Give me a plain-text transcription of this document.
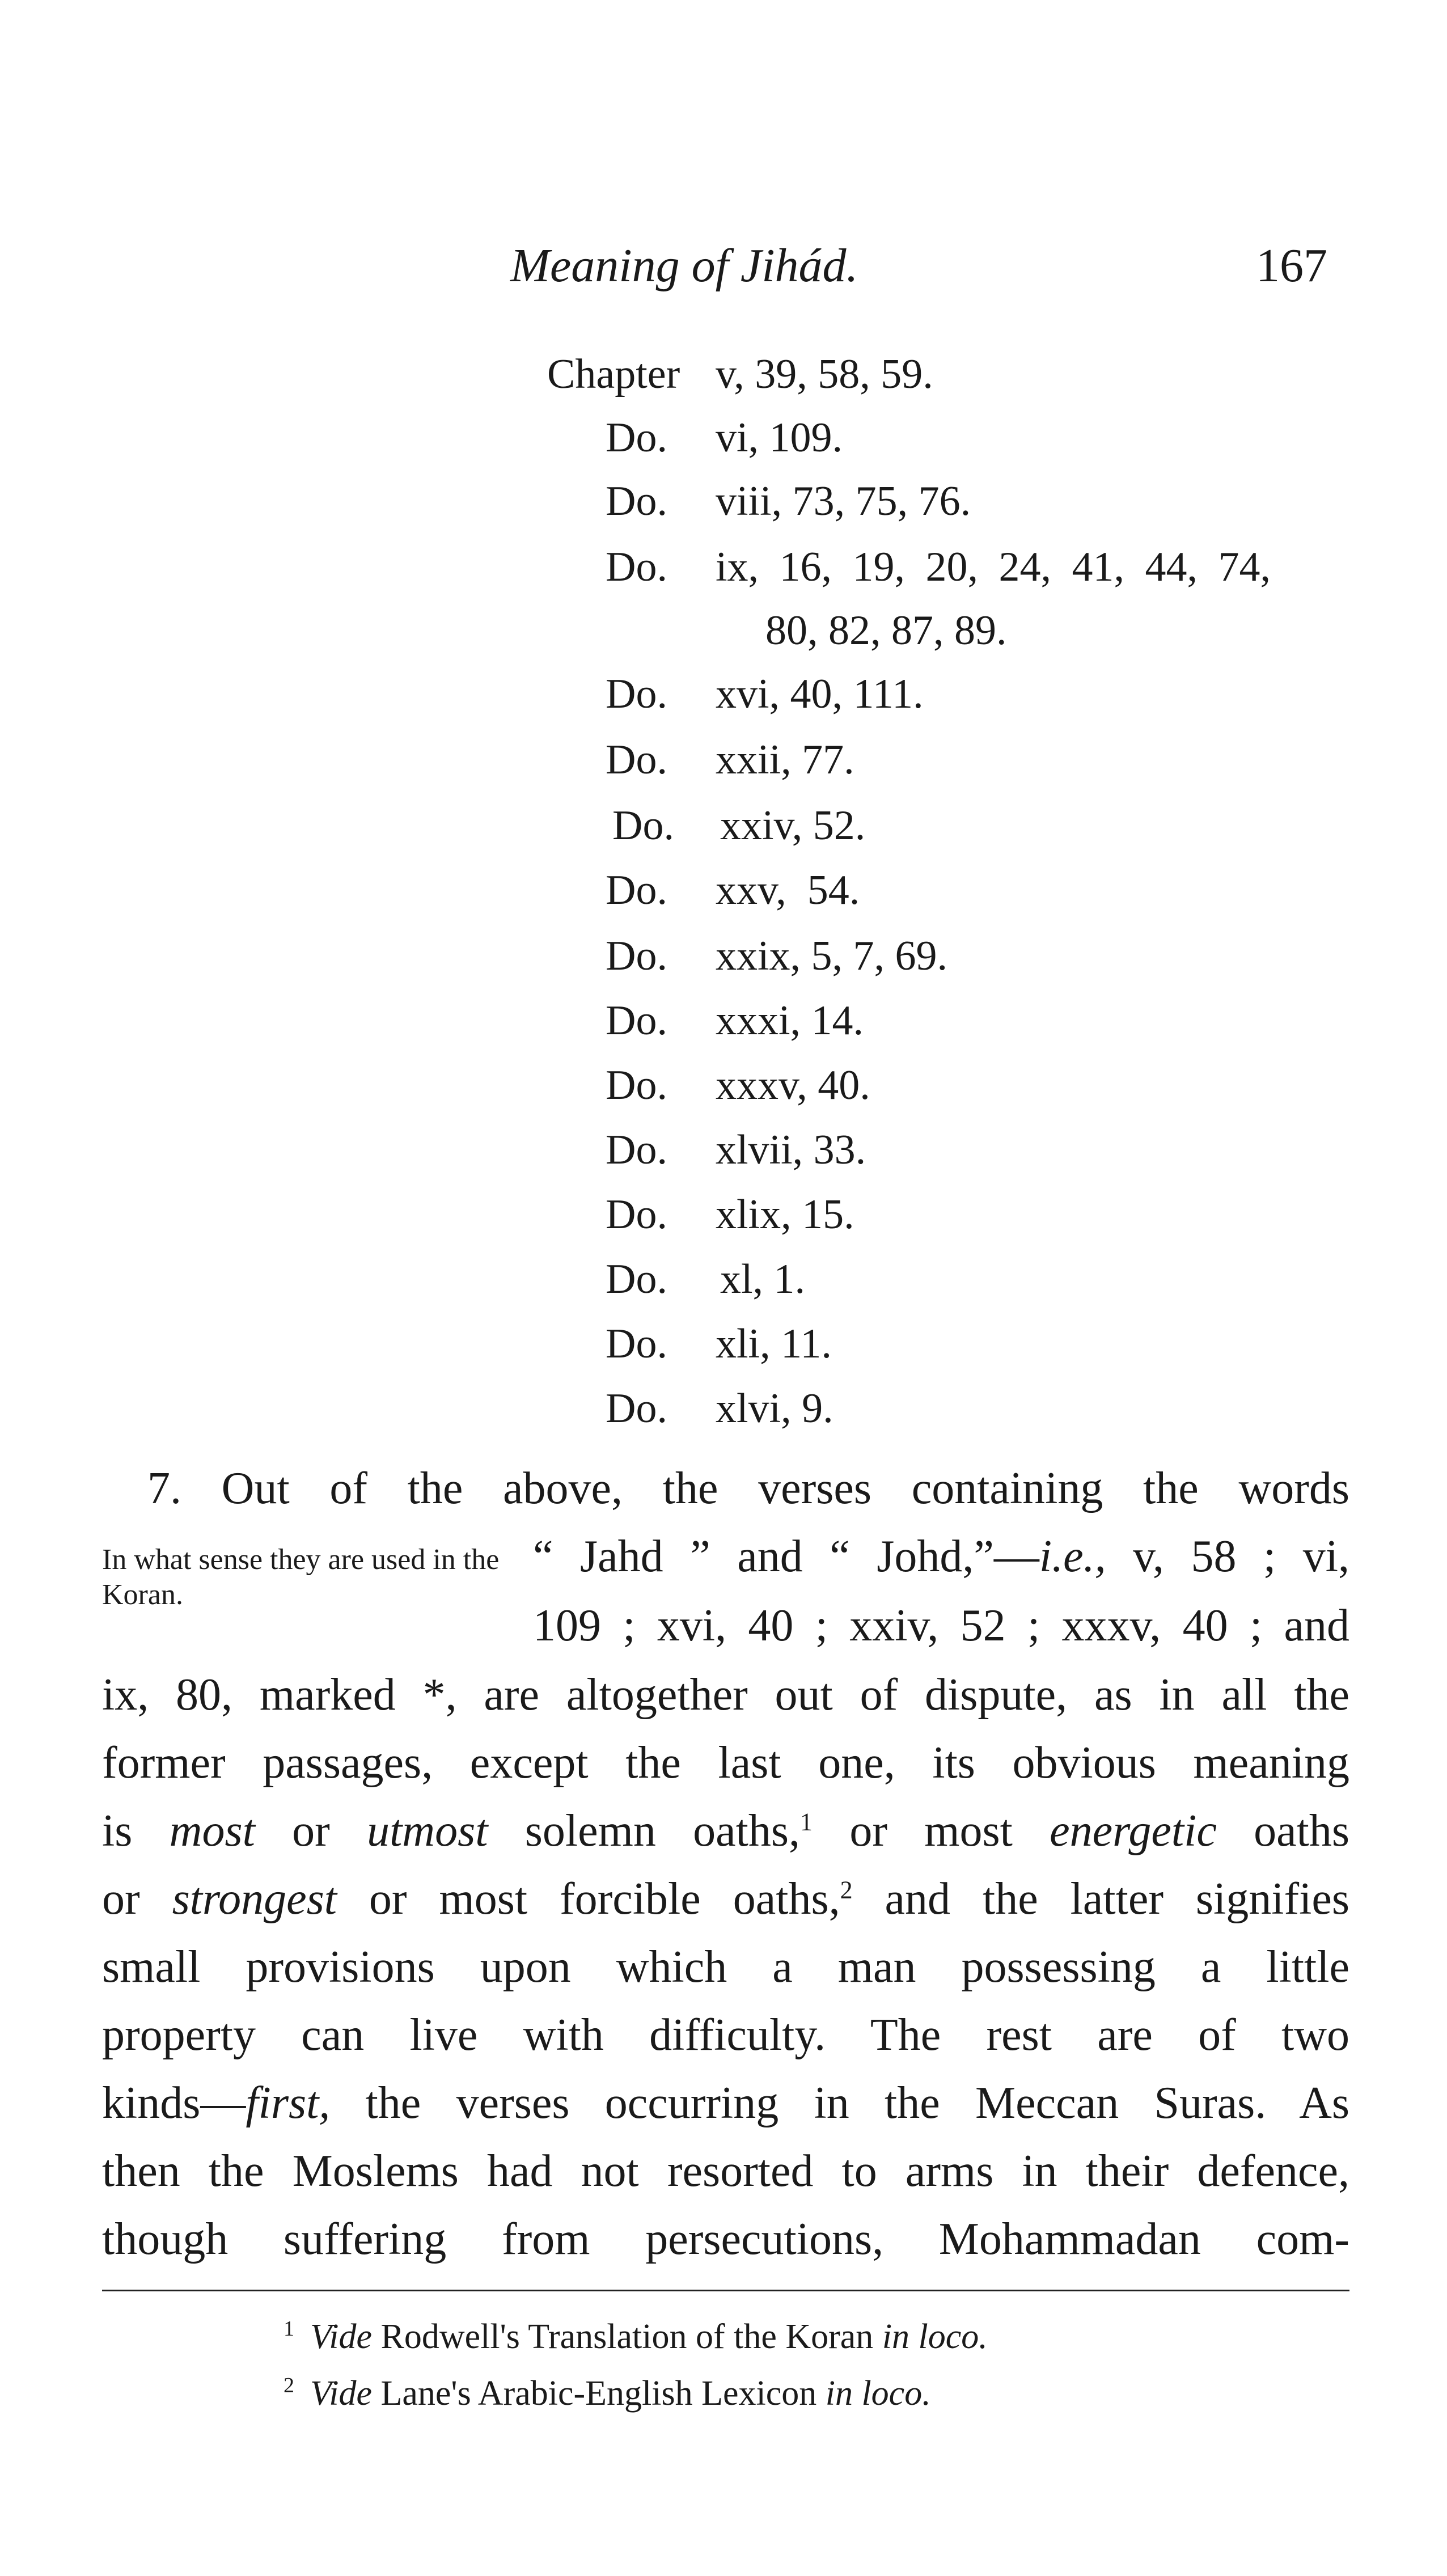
Meaning of Jihád.	167
Chapter v, 39, 58, 59.
Do. vi, 109.
Do. viii, 73, 75, 76.
Do. ix, 16, 19, 20, 24, 41, 44, 74,
80, 82, 87, 89.
Do. xvi, 40, 111.
Do. xxii, 77.
Do. xxiv, 52.
Do. xxv,  54.
Do. xxix, 5, 7, 69.
Do. xxxi, 14.
Do. xxxv, 40.
Do. xlvii, 33.
Do. xlix, 15.
Do. xl, 1.
Do. xli, 11.
Do. xlvi, 9.
7. Out of the above, the verses containing the words
In what sense they are used in the Koran.
“ Jahd ” and “ Johd,”—i.e., v, 58 ; vi,
109 ; xvi, 40 ; xxiv, 52 ; xxxv, 40 ; and
ix, 80, marked *, are altogether out of dispute, as in all the
former passages, except the last one, its obvious meaning
is most or utmost solemn oaths,$^1$ or most energetic oaths
or strongest or most forcible oaths,$^2$ and the latter signifies
small provisions upon which a man possessing a little
property can live with difficulty. The rest are of two
kinds—first, the verses occurring in the Meccan Suras. As
then the Moslems had not resorted to arms in their defence,
though suffering from persecutions, Mohammadan com-
$^1$ Vide Rodwell's Translation of the Koran in loco.
$^2$ Vide Lane's Arabic-English Lexicon in loco.
